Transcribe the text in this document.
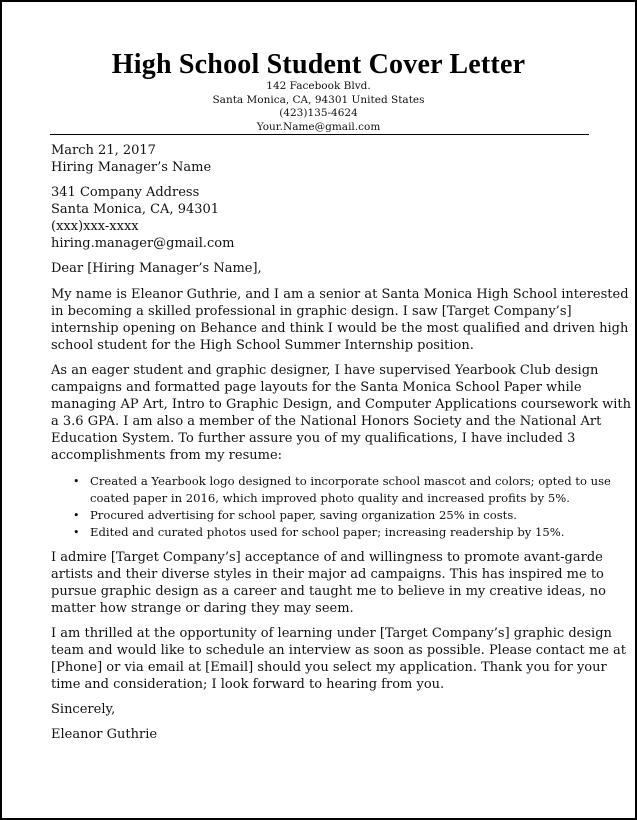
High School Student Cover Letter
142 Facebook Blvd.
Santa Monica, CA, 94301 United States
(423)135-4624
Your.Name@gmail.com
March 21, 2017
Hiring Manager’s Name
341 Company Address
Santa Monica, CA, 94301
(xxx)xxx-xxxx
hiring.manager@gmail.com
Dear [Hiring Manager’s Name],
My name is Eleanor Guthrie, and I am a senior at Santa Monica High School interested
in becoming a skilled professional in graphic design. I saw [Target Company’s]
internship opening on Behance and think I would be the most qualified and driven high
school student for the High School Summer Internship position.
As an eager student and graphic designer, I have supervised Yearbook Club design
campaigns and formatted page layouts for the Santa Monica School Paper while
managing AP Art, Intro to Graphic Design, and Computer Applications coursework with
a 3.6 GPA. I am also a member of the National Honors Society and the National Art
Education System. To further assure you of my qualifications, I have included 3
accomplishments from my resume:
• Created a Yearbook logo designed to incorporate school mascot and colors; opted to use
coated paper in 2016, which improved photo quality and increased profits by 5%.
• Procured advertising for school paper, saving organization 25% in costs.
• Edited and curated photos used for school paper; increasing readership by 15%.
I admire [Target Company’s] acceptance of and willingness to promote avant-garde
artists and their diverse styles in their major ad campaigns. This has inspired me to
pursue graphic design as a career and taught me to believe in my creative ideas, no
matter how strange or daring they may seem.
I am thrilled at the opportunity of learning under [Target Company’s] graphic design
team and would like to schedule an interview as soon as possible. Please contact me at
[Phone] or via email at [Email] should you select my application. Thank you for your
time and consideration; I look forward to hearing from you.
Sincerely,
Eleanor Guthrie
